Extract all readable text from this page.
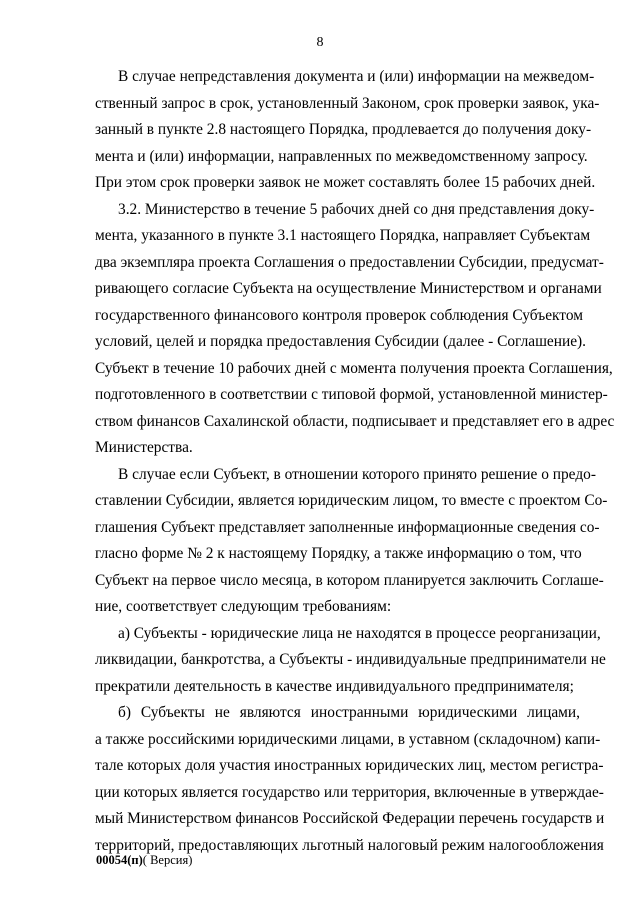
8
В случае непредставления документа и (или) информации на межведом-
ственный запрос в срок, установленный Законом, срок проверки заявок, ука-
занный в пункте 2.8 настоящего Порядка, продлевается до получения доку-
мента и (или) информации, направленных по межведомственному запросу.
При этом срок проверки заявок не может составлять более 15 рабочих дней.
3.2. Министерство в течение 5 рабочих дней со дня представления доку-
мента, указанного в пункте 3.1 настоящего Порядка, направляет Субъектам
два экземпляра проекта Соглашения о предоставлении Субсидии, предусмат-
ривающего согласие Субъекта на осуществление Министерством и органами
государственного финансового контроля проверок соблюдения Субъектом
условий, целей и порядка предоставления Субсидии (далее - Соглашение).
Субъект в течение 10 рабочих дней с момента получения проекта Соглашения,
подготовленного в соответствии с типовой формой, установленной министер-
ством финансов Сахалинской области, подписывает и представляет его в адрес
Министерства.
В случае если Субъект, в отношении которого принято решение о предо-
ставлении Субсидии, является юридическим лицом, то вместе с проектом Со-
глашения Субъект представляет заполненные информационные сведения со-
гласно форме № 2 к настоящему Порядку, а также информацию о том, что
Субъект на первое число месяца, в котором планируется заключить Соглаше-
ние, соответствует следующим требованиям:
а) Субъекты - юридические лица не находятся в процессе реорганизации,
ликвидации, банкротства, а Субъекты - индивидуальные предприниматели не
прекратили деятельность в качестве индивидуального предпринимателя;
б) Субъекты не являются иностранными юридическими лицами,
а также российскими юридическими лицами, в уставном (складочном) капи-
тале которых доля участия иностранных юридических лиц, местом регистра-
ции которых является государство или территория, включенные в утверждае-
мый Министерством финансов Российской Федерации перечень государств и
территорий, предоставляющих льготный налоговый режим налогообложения
00054(п)( Версия)
